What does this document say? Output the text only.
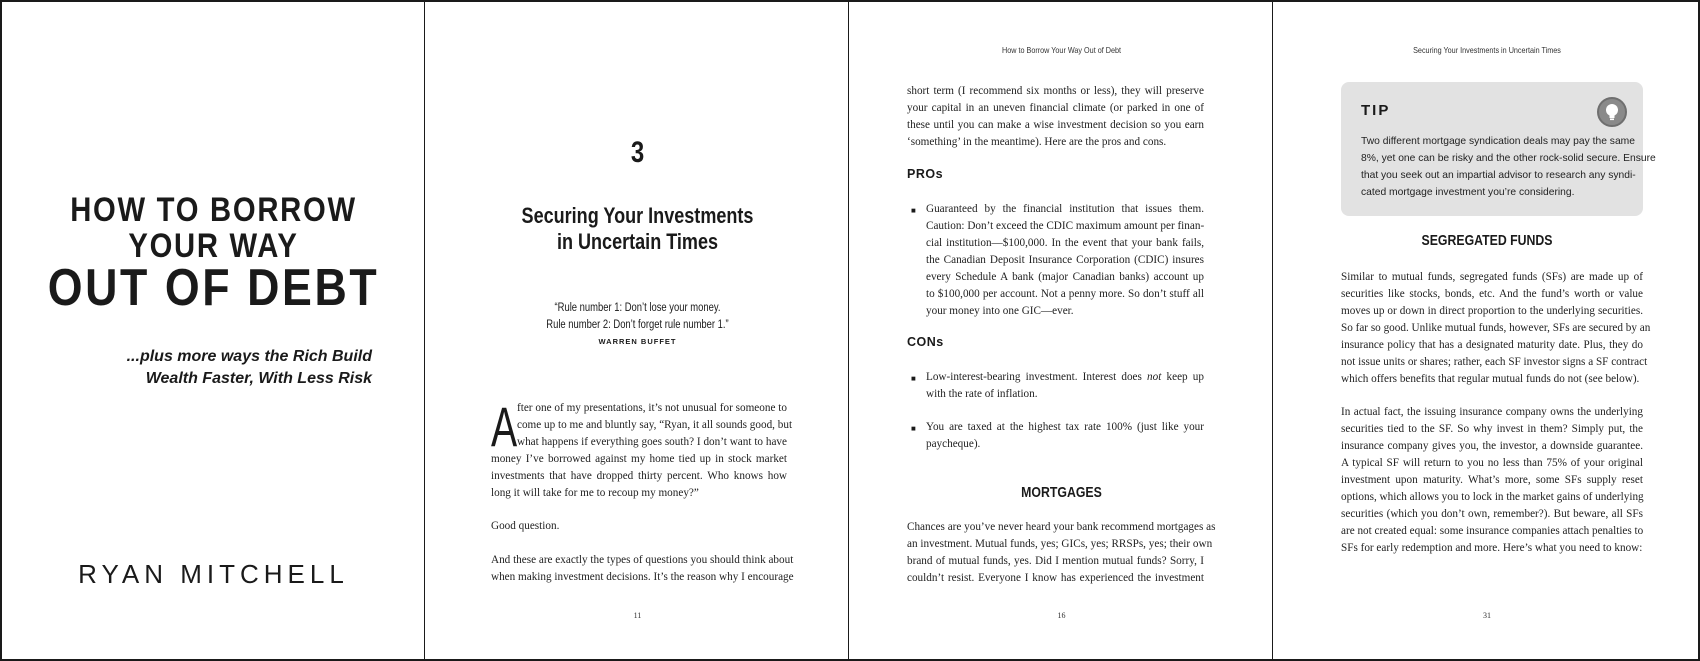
HOW TO BORROW
YOUR WAY
OUT OF DEBT
...plus more ways the Rich Build
Wealth Faster, With Less Risk
RYAN MITCHELL
3
Securing Your Investments
in Uncertain Times
“Rule number 1: Don’t lose your money.
Rule number 2: Don’t forget rule number 1.”
WARREN BUFFET
A fter one of my presentations, it’s not unusual for someone to
come up to me and bluntly say, “Ryan, it all sounds good, but
what happens if everything goes south? I don’t want to have
money I’ve borrowed against my home tied up in stock market
investments that have dropped thirty percent. Who knows how
long it will take for me to recoup my money?”
Good question.
And these are exactly the types of questions you should think about
when making investment decisions. It’s the reason why I encourage
11
How to Borrow Your Way Out of Debt
short term (I recommend six months or less), they will preserve
your capital in an uneven financial climate (or parked in one of
these until you can make a wise investment decision so you earn
‘something’ in the meantime). Here are the pros and cons.
PROs
■ Guaranteed by the financial institution that issues them.
Caution: Don’t exceed the CDIC maximum amount per finan-
cial institution—$100,000. In the event that your bank fails,
the Canadian Deposit Insurance Corporation (CDIC) insures
every Schedule A bank (major Canadian banks) account up
to $100,000 per account. Not a penny more. So don’t stuff all
your money into one GIC—ever.
CONs
■ Low-interest-bearing investment. Interest does not keep up
with the rate of inflation.
■ You are taxed at the highest tax rate 100% (just like your
paycheque).
MORTGAGES
Chances are you’ve never heard your bank recommend mortgages as
an investment. Mutual funds, yes; GICs, yes; RRSPs, yes; their own
brand of mutual funds, yes. Did I mention mutual funds? Sorry, I
couldn’t resist. Everyone I know has experienced the investment
16
Securing Your Investments in Uncertain Times
TIP
Two different mortgage syndication deals may pay the same
8%, yet one can be risky and the other rock-solid secure. Ensure
that you seek out an impartial advisor to research any syndi-
cated mortgage investment you’re considering.
SEGREGATED FUNDS
Similar to mutual funds, segregated funds (SFs) are made up of
securities like stocks, bonds, etc. And the fund’s worth or value
moves up or down in direct proportion to the underlying securities.
So far so good. Unlike mutual funds, however, SFs are secured by an
insurance policy that has a designated maturity date. Plus, they do
not issue units or shares; rather, each SF investor signs a SF contract
which offers benefits that regular mutual funds do not (see below).
In actual fact, the issuing insurance company owns the underlying
securities tied to the SF. So why invest in them? Simply put, the
insurance company gives you, the investor, a downside guarantee.
A typical SF will return to you no less than 75% of your original
investment upon maturity. What’s more, some SFs supply reset
options, which allows you to lock in the market gains of underlying
securities (which you don’t own, remember?). But beware, all SFs
are not created equal: some insurance companies attach penalties to
SFs for early redemption and more. Here’s what you need to know:
31
